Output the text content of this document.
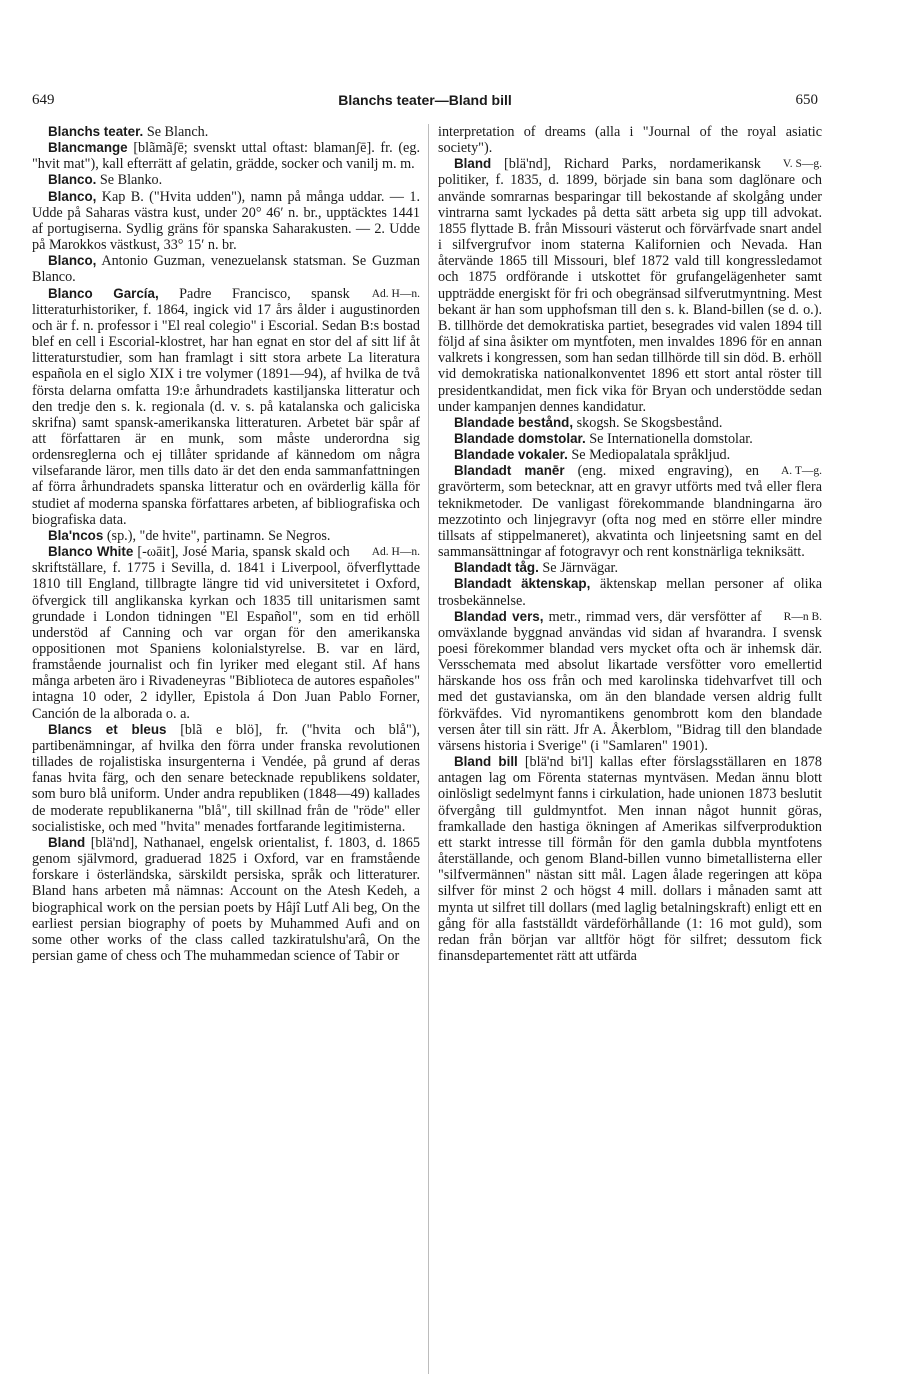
649	Blanchs teater—Bland bill	650

Blanchs teater. Se Blanch.

Blancmange [blãmãʃē; svenskt uttal oftast: blamanʃē]. fr. (eg. "hvit mat"), kall efterrätt af gelatin, grädde, socker och vanilj m. m.

Blanco. Se Blanko.

Blanco, Kap B. ("Hvita udden"), namn på många uddar. — 1. Udde på Saharas västra kust, under 20° 46′ n. br., upptäcktes 1441 af portugiserna. Sydlig gräns för spanska Saharakusten. — 2. Udde på Marokkos västkust, 33° 15′ n. br.

Blanco, Antonio Guzman, venezuelansk statsman. Se Guzman Blanco.

Ad. H—n.
Blanco García, Padre Francisco, spansk litteraturhistoriker, f. 1864, ingick vid 17 års ålder i augustinorden och är f. n. professor i "El real colegio" i Escorial. Sedan B:s bostad blef en cell i Escorial-klostret, har han egnat en stor del af sitt lif åt litteraturstudier, som han framlagt i sitt stora arbete La literatura española en el siglo XIX i tre volymer (1891—94), af hvilka de två första delarna omfatta 19:e århundradets kastiljanska litteratur och den tredje den s. k. regionala (d. v. s. på katalanska och galiciska skrifna) samt spansk-amerikanska litteraturen. Arbetet bär spår af att författaren är en munk, som måste underordna sig ordensreglerna och ej tillåter spridande af kännedom om några vilsefarande läror, men tills dato är det den enda sammanfattningen af förra århundradets spanska litteratur och en ovärderlig källa för studiet af moderna spanska författares arbeten, af bibliografiska och biografiska data.

Bla'ncos (sp.), "de hvite", partinamn. Se Negros.

Ad. H—n.
Blanco White [-ωāit], José Maria, spansk skald och skriftställare, f. 1775 i Sevilla, d. 1841 i Liverpool, öfverflyttade 1810 till England, tillbragte längre tid vid universitetet i Oxford, öfvergick till anglikanska kyrkan och 1835 till unitarismen samt grundade i London tidningen "El Español", som en tid erhöll understöd af Canning och var organ för den amerikanska oppositionen mot Spaniens kolonialstyrelse. B. var en lärd, framstående journalist och fin lyriker med elegant stil. Af hans många arbeten äro i Rivadeneyras "Biblioteca de autores españoles" intagna 10 oder, 2 idyller, Epistola á Don Juan Pablo Forner, Canción de la alborada o. a.

Blancs et bleus [blã e blö], fr. ("hvita och blå"), partibenämningar, af hvilka den förra under franska revolutionen tillades de rojalistiska insurgenterna i Vendée, på grund af deras fanas hvita färg, och den senare betecknade republikens soldater, som buro blå uniform. Under andra republiken (1848—49) kallades de moderate republikanerna "blå", till skillnad från de "röde" eller socialistiske, och med "hvita" menades fortfarande legitimisterna.

Bland [blä'nd], Nathanael, engelsk orientalist, f. 1803, d. 1865 genom självmord, graduerad 1825 i Oxford, var en framstående forskare i österländska, särskildt persiska, språk och litteraturer. Bland hans arbeten må nämnas: Account on the Atesh Kedeh, a biographical work on the persian poets by Hâjî Lutf Ali beg, On the earliest persian biography of poets by Muhammed Aufi and on some other works of the class called tazkiratulshu'arâ, On the persian game of chess och The muhammedan science of Tabir or

interpretation of dreams (alla i "Journal of the royal asiatic society").

V. S—g.
Bland [blä'nd], Richard Parks, nordamerikansk politiker, f. 1835, d. 1899, började sin bana som daglönare och använde somrarnas besparingar till bekostande af skolgång under vintrarna samt lyckades på detta sätt arbeta sig upp till advokat. 1855 flyttade B. från Missouri västerut och förvärfvade snart andel i silfvergrufvor inom staterna Kalifornien och Nevada. Han återvände 1865 till Missouri, blef 1872 vald till kongressledamot och 1875 ordförande i utskottet för grufangelägenheter samt uppträdde energiskt för fri och obegränsad silfverutmyntning. Mest bekant är han som upphofsman till den s. k. Bland-billen (se d. o.). B. tillhörde det demokratiska partiet, besegrades vid valen 1894 till följd af sina åsikter om myntfoten, men invaldes 1896 för en annan valkrets i kongressen, som han sedan tillhörde till sin död. B. erhöll vid demokratiska nationalkonventet 1896 ett stort antal röster till presidentkandidat, men fick vika för Bryan och understödde sedan under kampanjen dennes kandidatur.

Blandade bestånd, skogsh. Se Skogsbestånd.

Blandade domstolar. Se Internationella domstolar.

Blandade vokaler. Se Mediopalatala språkljud.

A. T—g.
Blandadt manēr (eng. mixed engraving), en gravörterm, som betecknar, att en gravyr utförts med två eller flera teknikmetoder. De vanligast förekommande blandningarna äro mezzotinto och linjegravyr (ofta nog med en större eller mindre tillsats af stippelmaneret), akvatinta och linjeetsning samt en del sammansättningar af fotogravyr och rent konstnärliga tekniksätt.

Blandadt tåg. Se Järnvägar.

Blandadt äktenskap, äktenskap mellan personer af olika trosbekännelse.

R—n B.
Blandad vers, metr., rimmad vers, där versfötter af omväxlande byggnad användas vid sidan af hvarandra. I svensk poesi förekommer blandad vers mycket ofta och är inhemsk där. Versschemata med absolut likartade versfötter voro emellertid härskande hos oss från och med karolinska tidehvarfvet till och med det gustavianska, om än den blandade versen aldrig fullt förkväfdes. Vid nyromantikens genombrott kom den blandade versen åter till sin rätt. Jfr A. Åkerblom, "Bidrag till den blandade värsens historia i Sverige" (i "Samlaren" 1901).

Bland bill [blä'nd bi'l] kallas efter förslagsställaren en 1878 antagen lag om Förenta staternas myntväsen. Medan ännu blott oinlösligt sedelmynt fanns i cirkulation, hade unionen 1873 beslutit öfvergång till guldmyntfot. Men innan något hunnit göras, framkallade den hastiga ökningen af Amerikas silfverproduktion ett starkt intresse till förmån för den gamla dubbla myntfotens återställande, och genom Bland-billen vunno bimetallisterna eller "silfvermännen" nästan sitt mål. Lagen ålade regeringen att köpa silfver för minst 2 och högst 4 mill. dollars i månaden samt att mynta ut silfret till dollars (med laglig betalningskraft) enligt ett en gång för alla fastställdt värdeförhållande (1: 16 mot guld), som redan från början var alltför högt för silfret; dessutom fick finansdepartementet rätt att utfärda
